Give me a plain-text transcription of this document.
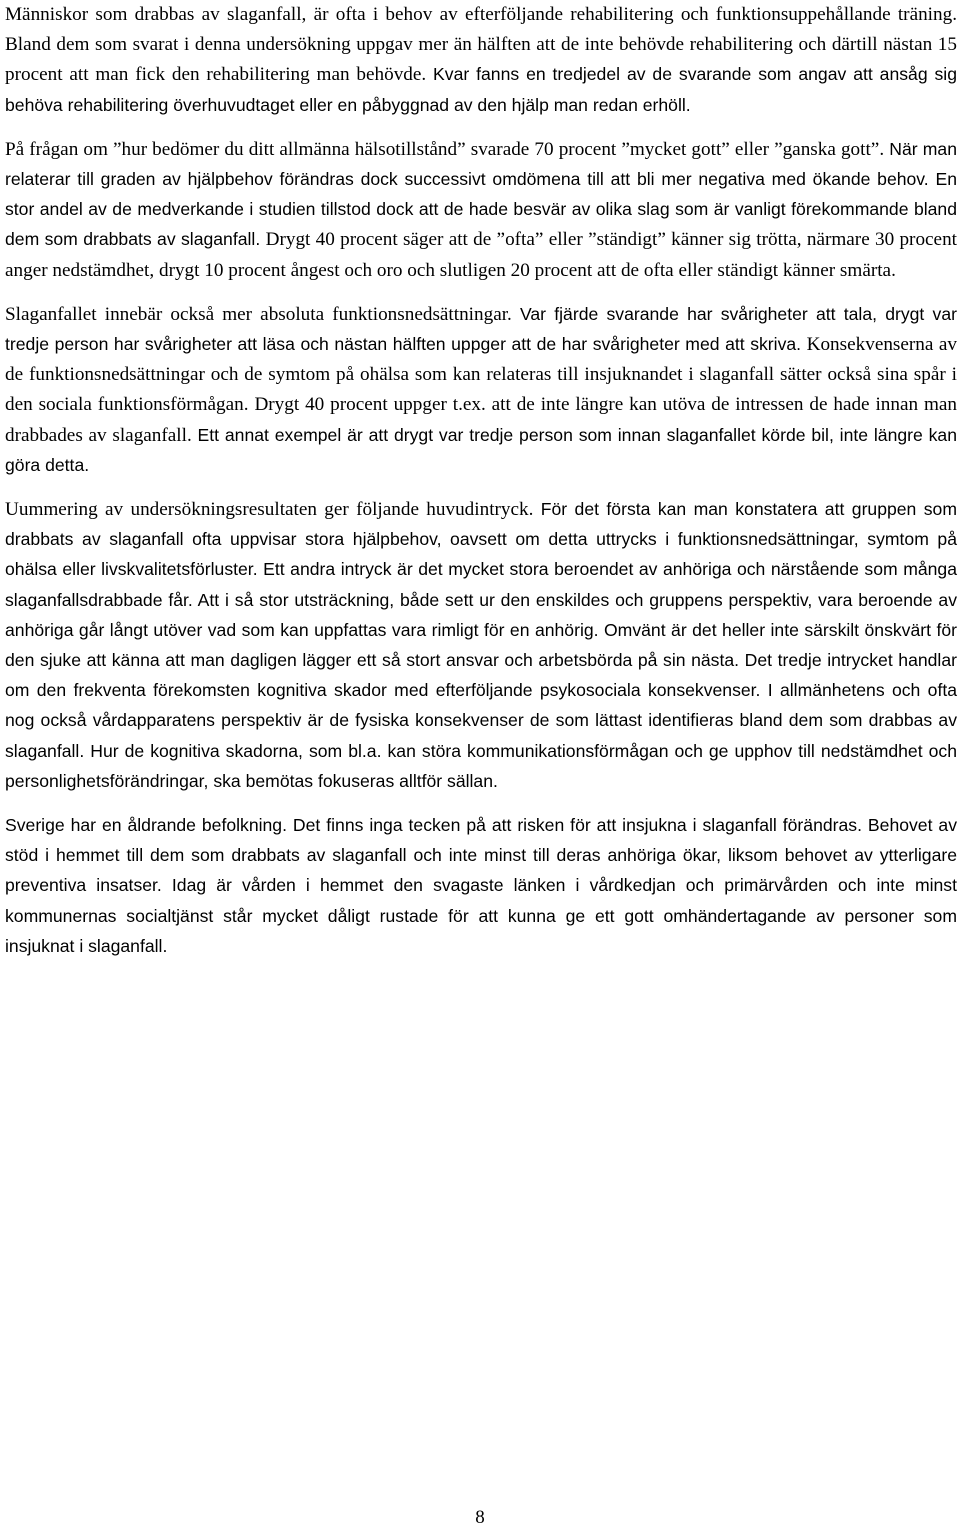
Människor som drabbas av slaganfall, är ofta i behov av efterföljande rehabilitering och funktionsuppehållande träning. Bland dem som svarat i denna undersökning uppgav mer än hälften att de inte behövde rehabilitering och därtill nästan 15 procent att man fick den rehabilitering man behövde. Kvar fanns en tredjedel av de svarande som angav att ansåg sig behöva rehabilitering överhuvudtaget eller en påbyggnad av den hjälp man redan erhöll.

På frågan om ”hur bedömer du ditt allmänna hälsotillstånd” svarade 70 procent ”mycket gott” eller ”ganska gott”. När man relaterar till graden av hjälpbehov förändras dock successivt omdömena till att bli mer negativa med ökande behov. En stor andel av de medverkande i studien tillstod dock att de hade besvär av olika slag som är vanligt förekommande bland dem som drabbats av slaganfall. Drygt 40 procent säger att de ”ofta” eller ”ständigt” känner sig trötta, närmare 30 procent anger nedstämdhet, drygt 10 procent ångest och oro och slutligen 20 procent att de ofta eller ständigt känner smärta.

Slaganfallet innebär också mer absoluta funktionsnedsättningar. Var fjärde svarande har svårigheter att tala, drygt var tredje person har svårigheter att läsa och nästan hälften uppger att de har svårigheter med att skriva. Konsekvenserna av de funktionsnedsättningar och de symtom på ohälsa som kan relateras till insjuknandet i slaganfall sätter också sina spår i den sociala funktionsförmågan. Drygt 40 procent uppger t.ex. att de inte längre kan utöva de intressen de hade innan man drabbades av slaganfall. Ett annat exempel är att drygt var tredje person som innan slaganfallet körde bil, inte längre kan göra detta.

Uummering av undersökningsresultaten ger följande huvudintryck. För det första kan man konstatera att gruppen som drabbats av slaganfall ofta uppvisar stora hjälpbehov, oavsett om detta uttrycks i funktionsnedsättningar, symtom på ohälsa eller livskvalitetsförluster. Ett andra intryck är det mycket stora beroendet av anhöriga och närstående som många slaganfallsdrabbade får. Att i så stor utsträckning, både sett ur den enskildes och gruppens perspektiv, vara beroende av anhöriga går långt utöver vad som kan uppfattas vara rimligt för en anhörig. Omvänt är det heller inte särskilt önskvärt för den sjuke att känna att man dagligen lägger ett så stort ansvar och arbetsbörda på sin nästa. Det tredje intrycket handlar om den frekventa förekomsten kognitiva skador med efterföljande psykosociala konsekvenser. I allmänhetens och ofta nog också vårdapparatens perspektiv är de fysiska konsekvenser de som lättast identifieras bland dem som drabbas av slaganfall. Hur de kognitiva skadorna, som bl.a. kan störa kommunikationsförmågan och ge upphov till nedstämdhet och personlighetsförändringar, ska bemötas fokuseras alltför sällan.

Sverige har en åldrande befolkning. Det finns inga tecken på att risken för att insjukna i slaganfall förändras. Behovet av stöd i hemmet till dem som drabbats av slaganfall och inte minst till deras anhöriga ökar, liksom behovet av ytterligare preventiva insatser. Idag är vården i hemmet den svagaste länken i vårdkedjan och primärvården och inte minst kommunernas socialtjänst står mycket dåligt rustade för att kunna ge ett gott omhändertagande av personer som insjuknat i slaganfall.

8
